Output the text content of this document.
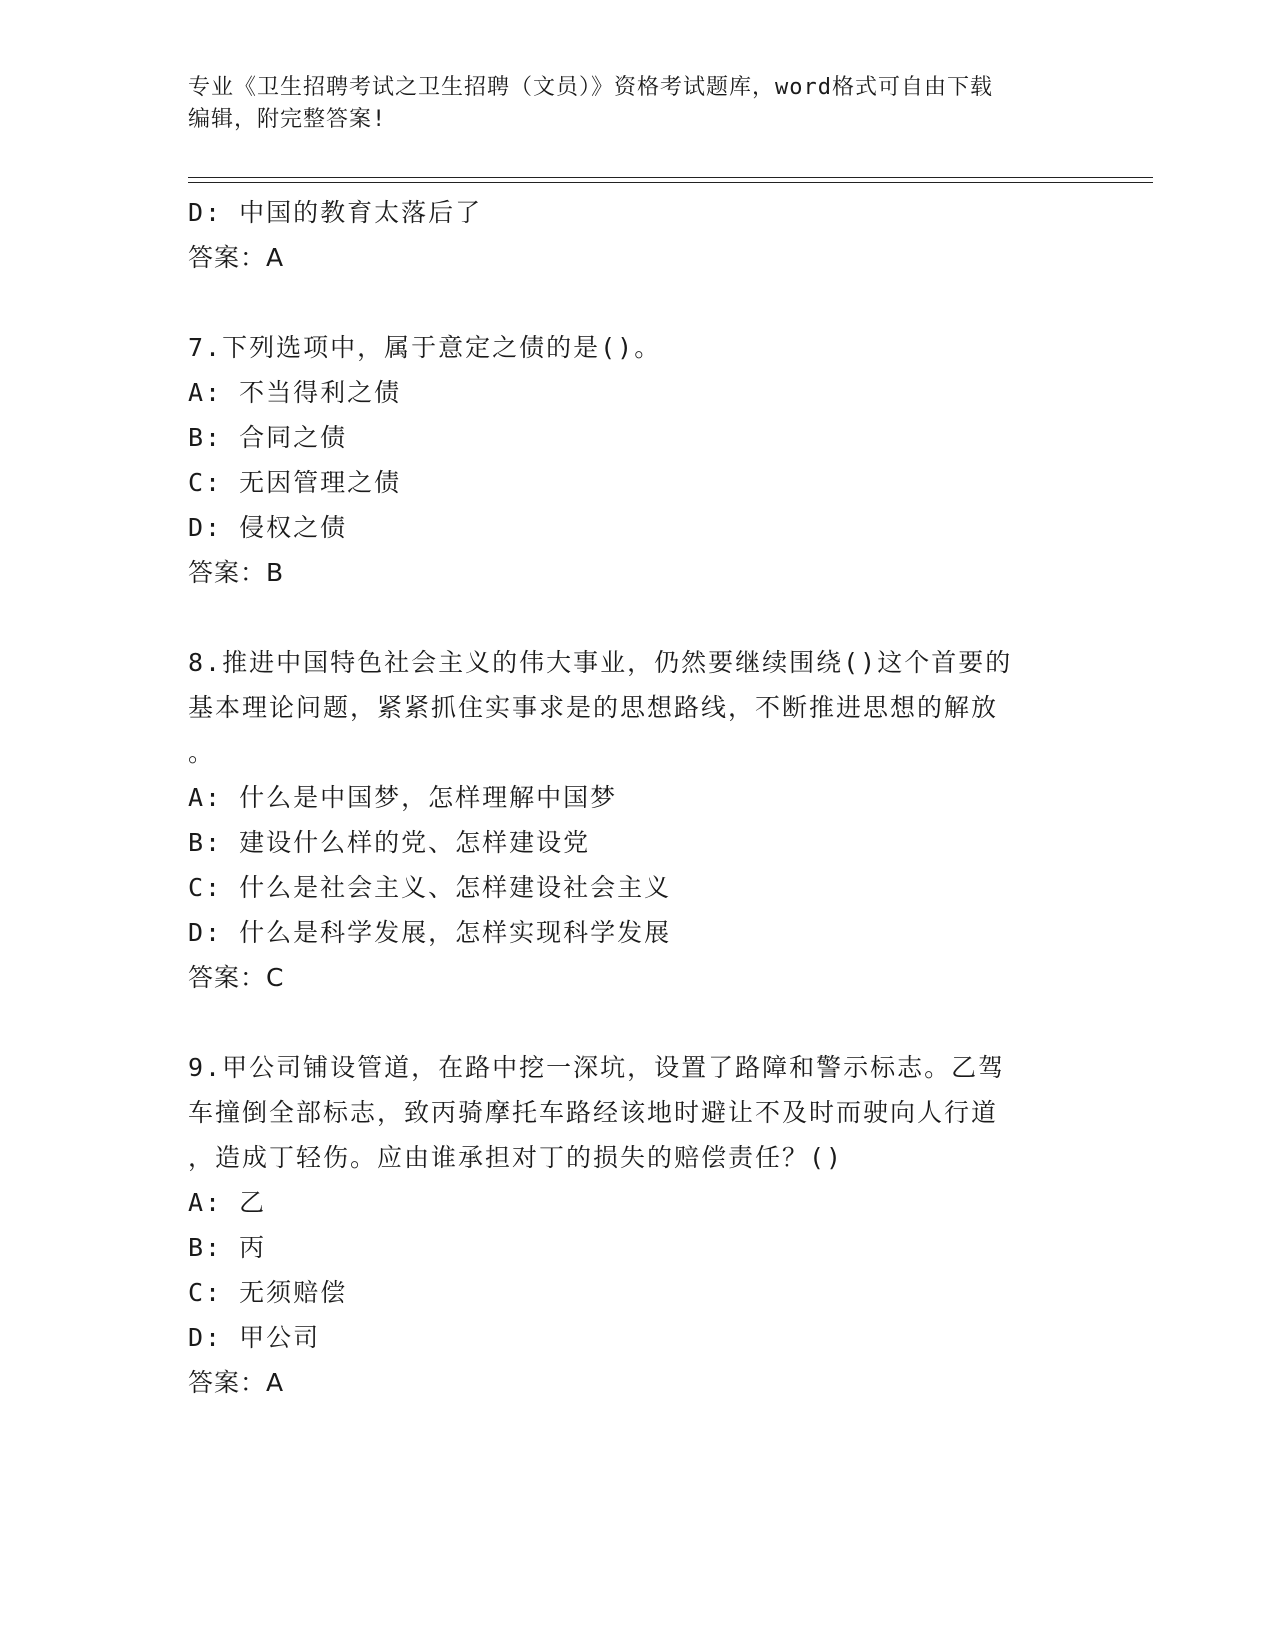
专业《卫生招聘考试之卫生招聘（文员）》资格考试题库，word格式可自由下载
编辑，附完整答案!
D: 中国的教育太落后了
答案：A
7.下列选项中，属于意定之债的是()。
A: 不当得利之债
B: 合同之债
C: 无因管理之债
D: 侵权之债
答案：B
8.推进中国特色社会主义的伟大事业，仍然要继续围绕()这个首要的
基本理论问题，紧紧抓住实事求是的思想路线，不断推进思想的解放
。
A: 什么是中国梦，怎样理解中国梦
B: 建设什么样的党、怎样建设党
C: 什么是社会主义、怎样建设社会主义
D: 什么是科学发展，怎样实现科学发展
答案：C
9.甲公司铺设管道，在路中挖一深坑，设置了路障和警示标志。乙驾
车撞倒全部标志，致丙骑摩托车路经该地时避让不及时而驶向人行道
，造成丁轻伤。应由谁承担对丁的损失的赔偿责任？()
A: 乙
B: 丙
C: 无须赔偿
D: 甲公司
答案：A
